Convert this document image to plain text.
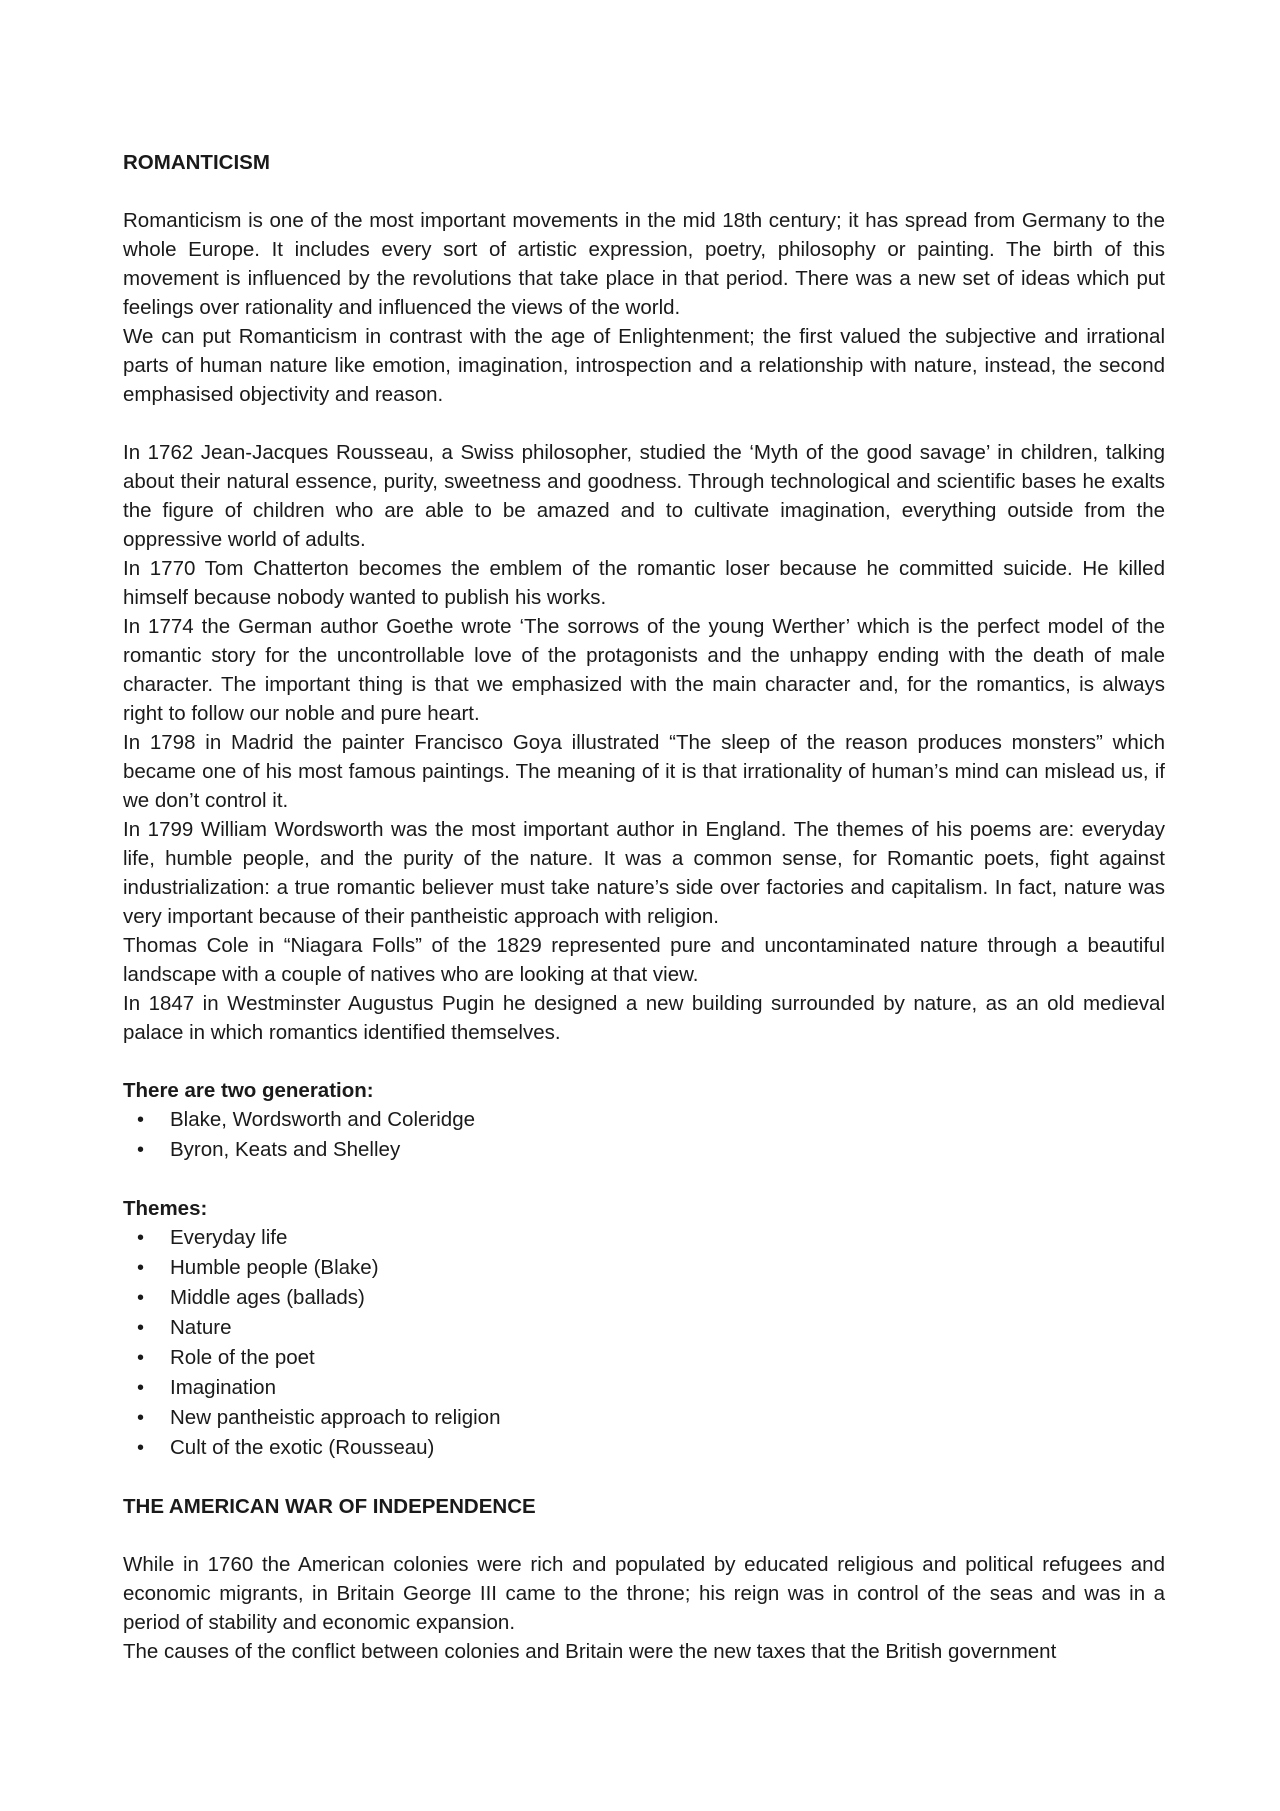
ROMANTICISM

Romanticism is one of the most important movements in the mid 18th century; it has spread from Germany to the whole Europe. It includes every sort of artistic expression, poetry, philosophy or painting. The birth of this movement is influenced by the revolutions that take place in that period. There was a new set of ideas which put feelings over rationality and influenced the views of the world.

We can put Romanticism in contrast with the age of Enlightenment; the first valued the subjective and irrational parts of human nature like emotion, imagination, introspection and a relationship with nature, instead, the second emphasised objectivity and reason.

In 1762 Jean-Jacques Rousseau, a Swiss philosopher, studied the ‘Myth of the good savage’ in children, talking about their natural essence, purity, sweetness and goodness. Through technological and scientific bases he exalts the figure of children who are able to be amazed and to cultivate imagination, everything outside from the oppressive world of adults.

In 1770 Tom Chatterton becomes the emblem of the romantic loser because he committed suicide. He killed himself because nobody wanted to publish his works.

In 1774 the German author Goethe wrote ‘The sorrows of the young Werther’ which is the perfect model of the romantic story for the uncontrollable love of the protagonists and the unhappy ending with the death of male character. The important thing is that we emphasized with the main character and, for the romantics, is always right to follow our noble and pure heart.

In 1798 in Madrid the painter Francisco Goya illustrated “The sleep of the reason produces monsters” which became one of his most famous paintings. The meaning of it is that irrationality of human’s mind can mislead us, if we don’t control it.

In 1799 William Wordsworth was the most important author in England. The themes of his poems are: everyday life, humble people, and the purity of the nature. It was a common sense, for Romantic poets, fight against industrialization: a true romantic believer must take nature’s side over factories and capitalism. In fact, nature was very important because of their pantheistic approach with religion.

Thomas Cole in “Niagara Folls” of the 1829 represented pure and uncontaminated nature through a beautiful landscape with a couple of natives who are looking at that view.

In 1847 in Westminster Augustus Pugin he designed a new building surrounded by nature, as an old medieval palace in which romantics identified themselves.

There are two generation:
• Blake, Wordsworth and Coleridge
• Byron, Keats and Shelley
Themes:
• Everyday life
• Humble people (Blake)
• Middle ages (ballads)
• Nature
• Role of the poet
• Imagination
• New pantheistic approach to religion
• Cult of the exotic (Rousseau)
THE AMERICAN WAR OF INDEPENDENCE

While in 1760 the American colonies were rich and populated by educated religious and political refugees and economic migrants, in Britain George III came to the throne; his reign was in control of the seas and was in a period of stability and economic expansion.

The causes of the conflict between colonies and Britain were the new taxes that the British government
